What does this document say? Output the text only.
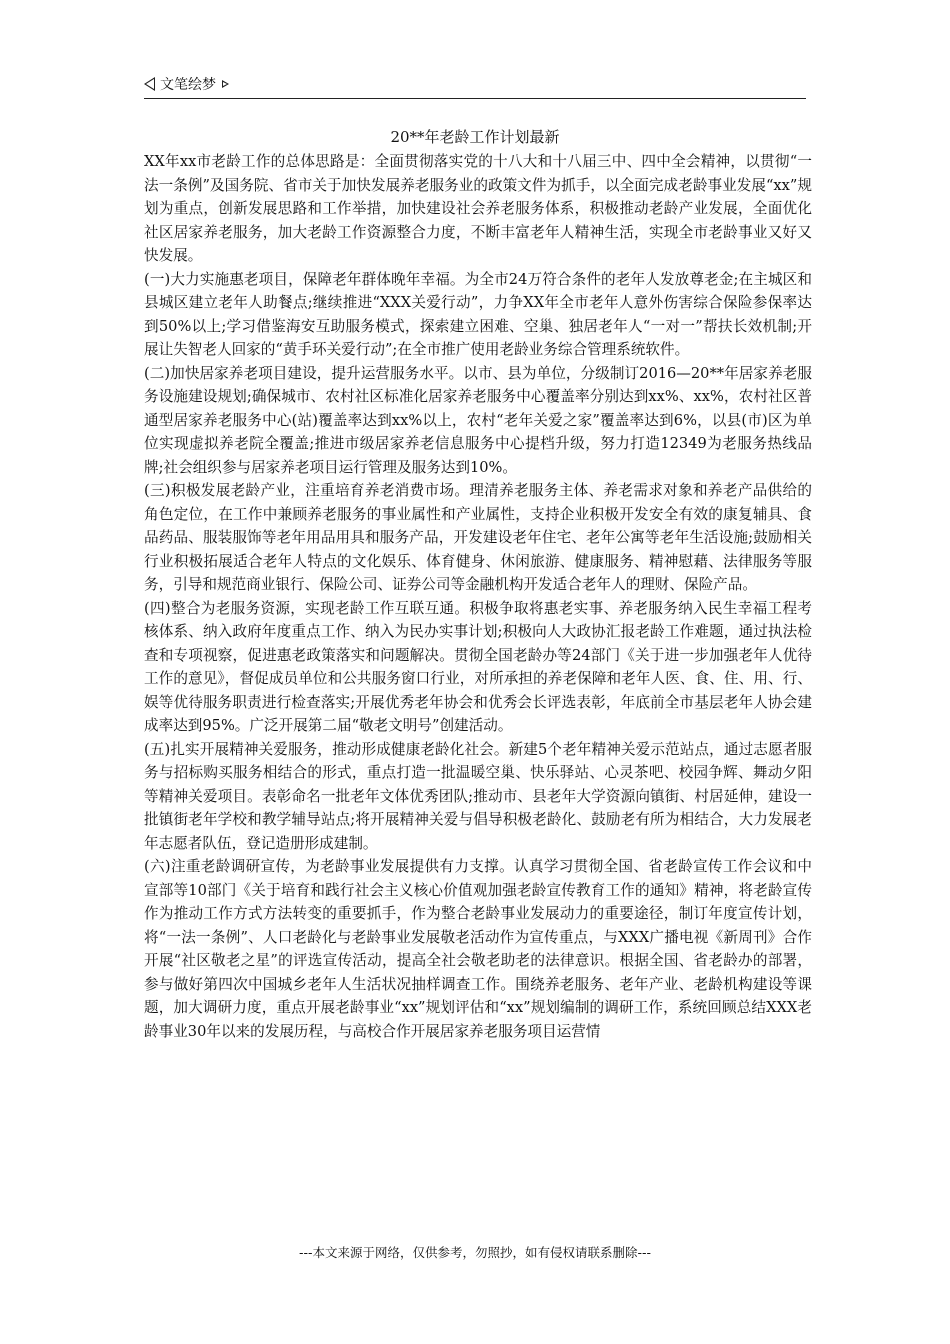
文笔绘梦
20**年老龄工作计划最新

XX年xx市老龄工作的总体思路是：全面贯彻落实党的十八大和十八届三中、四中全会精神，以贯彻“一法一条例”及国务院、省市关于加快发展养老服务业的政策文件为抓手，以全面完成老龄事业发展“xx”规划为重点，创新发展思路和工作举措，加快建设社会养老服务体系，积极推动老龄产业发展，全面优化社区居家养老服务，加大老龄工作资源整合力度，不断丰富老年人精神生活，实现全市老龄事业又好又快发展。

(一)大力实施惠老项目，保障老年群体晚年幸福。为全市24万符合条件的老年人发放尊老金;在主城区和县城区建立老年人助餐点;继续推进“XXX关爱行动”，力争XX年全市老年人意外伤害综合保险参保率达到50%以上;学习借鉴海安互助服务模式，探索建立困难、空巢、独居老年人“一对一”帮扶长效机制;开展让失智老人回家的“黄手环关爱行动”;在全市推广使用老龄业务综合管理系统软件。

(二)加快居家养老项目建设，提升运营服务水平。以市、县为单位，分级制订2016—20**年居家养老服务设施建设规划;确保城市、农村社区标准化居家养老服务中心覆盖率分别达到xx%、xx%，农村社区普通型居家养老服务中心(站)覆盖率达到xx%以上，农村“老年关爱之家”覆盖率达到6%，以县(市)区为单位实现虚拟养老院全覆盖;推进市级居家养老信息服务中心提档升级，努力打造12349为老服务热线品牌;社会组织参与居家养老项目运行管理及服务达到10%。

(三)积极发展老龄产业，注重培育养老消费市场。理清养老服务主体、养老需求对象和养老产品供给的角色定位，在工作中兼顾养老服务的事业属性和产业属性，支持企业积极开发安全有效的康复辅具、食品药品、服装服饰等老年用品用具和服务产品，开发建设老年住宅、老年公寓等老年生活设施;鼓励相关行业积极拓展适合老年人特点的文化娱乐、体育健身、休闲旅游、健康服务、精神慰藉、法律服务等服务，引导和规范商业银行、保险公司、证券公司等金融机构开发适合老年人的理财、保险产品。

(四)整合为老服务资源，实现老龄工作互联互通。积极争取将惠老实事、养老服务纳入民生幸福工程考核体系、纳入政府年度重点工作、纳入为民办实事计划;积极向人大政协汇报老龄工作难题，通过执法检查和专项视察，促进惠老政策落实和问题解决。贯彻全国老龄办等24部门《关于进一步加强老年人优待工作的意见》，督促成员单位和公共服务窗口行业，对所承担的养老保障和老年人医、食、住、用、行、娱等优待服务职责进行检查落实;开展优秀老年协会和优秀会长评选表彰，年底前全市基层老年人协会建成率达到95%。广泛开展第二届“敬老文明号”创建活动。

(五)扎实开展精神关爱服务，推动形成健康老龄化社会。新建5个老年精神关爱示范站点，通过志愿者服务与招标购买服务相结合的形式，重点打造一批温暖空巢、快乐驿站、心灵茶吧、校园争辉、舞动夕阳等精神关爱项目。表彰命名一批老年文体优秀团队;推动市、县老年大学资源向镇街、村居延伸，建设一批镇街老年学校和教学辅导站点;将开展精神关爱与倡导积极老龄化、鼓励老有所为相结合，大力发展老年志愿者队伍，登记造册形成建制。

(六)注重老龄调研宣传，为老龄事业发展提供有力支撑。认真学习贯彻全国、省老龄宣传工作会议和中宣部等10部门《关于培育和践行社会主义核心价值观加强老龄宣传教育工作的通知》精神，将老龄宣传作为推动工作方式方法转变的重要抓手，作为整合老龄事业发展动力的重要途径，制订年度宣传计划，将“一法一条例”、人口老龄化与老龄事业发展敬老活动作为宣传重点，与XXX广播电视《新周刊》合作开展“社区敬老之星”的评选宣传活动，提高全社会敬老助老的法律意识。根据全国、省老龄办的部署，参与做好第四次中国城乡老年人生活状况抽样调查工作。围绕养老服务、老年产业、老龄机构建设等课题，加大调研力度，重点开展老龄事业“xx”规划评估和“xx”规划编制的调研工作，系统回顾总结XXX老龄事业30年以来的发展历程，与高校合作开展居家养老服务项目运营情

---本文来源于网络，仅供参考，勿照抄，如有侵权请联系删除---
